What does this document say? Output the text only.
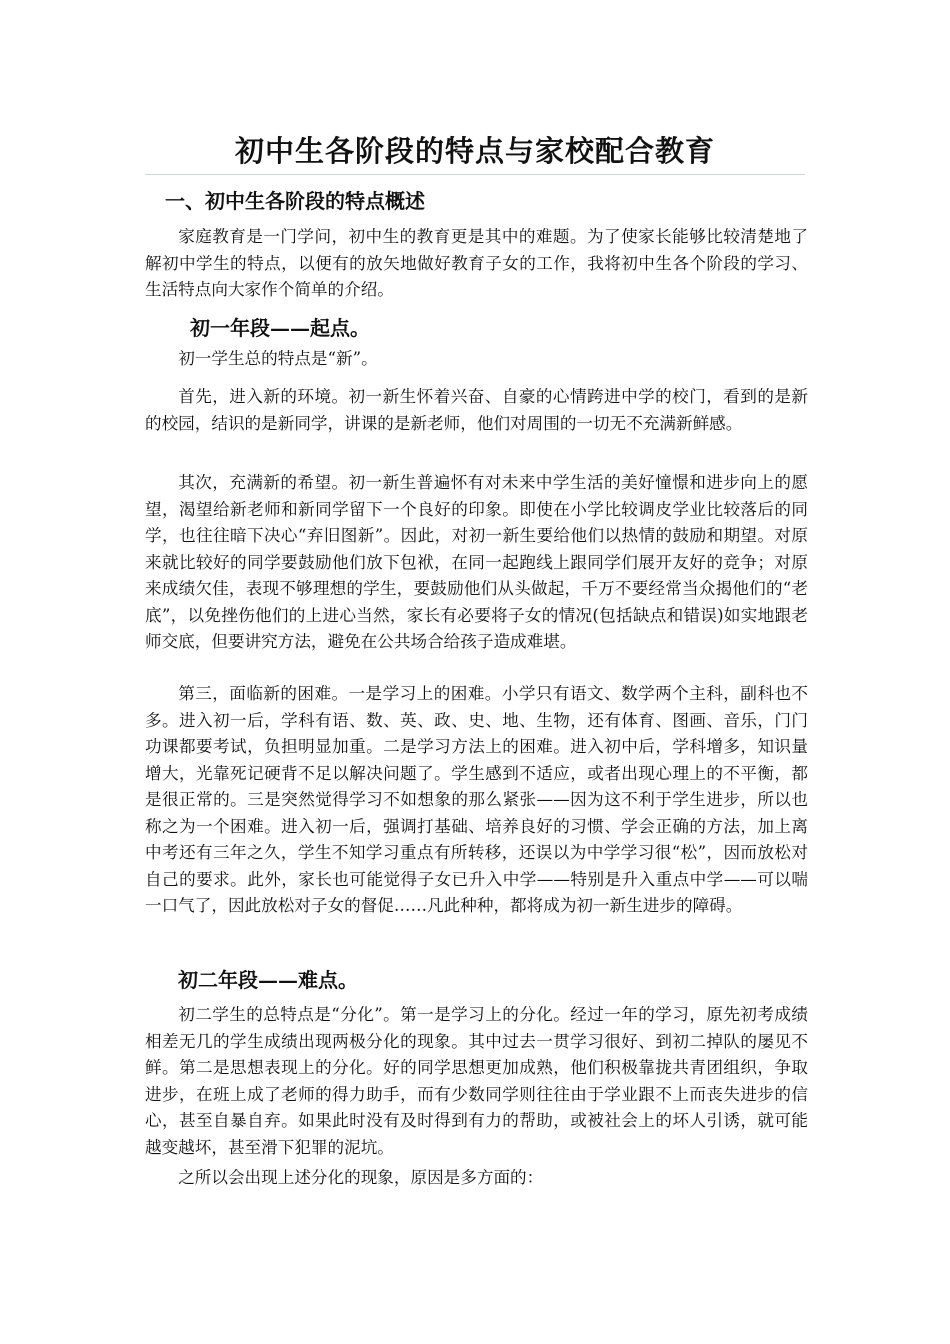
初中生各阶段的特点与家校配合教育
一、初中生各阶段的特点概述

家庭教育是一门学问，初中生的教育更是其中的难题。为了使家长能够比较清楚地了解初中学生的特点，以便有的放矢地做好教育子女的工作，我将初中生各个阶段的学习、生活特点向大家作个简单的介绍。

初一年段——起点。

初一学生总的特点是“新”。

首先，进入新的环境。初一新生怀着兴奋、自豪的心情跨进中学的校门，看到的是新的校园，结识的是新同学，讲课的是新老师，他们对周围的一切无不充满新鲜感。

其次，充满新的希望。初一新生普遍怀有对未来中学生活的美好憧憬和进步向上的愿望，渴望给新老师和新同学留下一个良好的印象。即使在小学比较调皮学业比较落后的同学，也往往暗下决心“弃旧图新”。因此，对初一新生要给他们以热情的鼓励和期望。对原来就比较好的同学要鼓励他们放下包袱，在同一起跑线上跟同学们展开友好的竞争；对原来成绩欠佳，表现不够理想的学生，要鼓励他们从头做起，千万不要经常当众揭他们的“老底”，以免挫伤他们的上进心当然，家长有必要将子女的情况(包括缺点和错误)如实地跟老师交底，但要讲究方法，避免在公共场合给孩子造成难堪。

第三，面临新的困难。一是学习上的困难。小学只有语文、数学两个主科，副科也不多。进入初一后，学科有语、数、英、政、史、地、生物，还有体育、图画、音乐，门门功课都要考试，负担明显加重。二是学习方法上的困难。进入初中后，学科增多，知识量增大，光靠死记硬背不足以解决问题了。学生感到不适应，或者出现心理上的不平衡，都是很正常的。三是突然觉得学习不如想象的那么紧张——因为这不利于学生进步，所以也称之为一个困难。进入初一后，强调打基础、培养良好的习惯、学会正确的方法，加上离中考还有三年之久，学生不知学习重点有所转移，还误以为中学学习很“松”，因而放松对自己的要求。此外，家长也可能觉得子女已升入中学——特别是升入重点中学——可以喘一口气了，因此放松对子女的督促……凡此种种，都将成为初一新生进步的障碍。

初二年段——难点。

初二学生的总特点是“分化”。第一是学习上的分化。经过一年的学习，原先初考成绩相差无几的学生成绩出现两极分化的现象。其中过去一贯学习很好、到初二掉队的屡见不鲜。第二是思想表现上的分化。好的同学思想更加成熟，他们积极靠拢共青团组织，争取进步，在班上成了老师的得力助手，而有少数同学则往往由于学业跟不上而丧失进步的信心，甚至自暴自弃。如果此时没有及时得到有力的帮助，或被社会上的坏人引诱，就可能越变越坏，甚至滑下犯罪的泥坑。

之所以会出现上述分化的现象，原因是多方面的：
